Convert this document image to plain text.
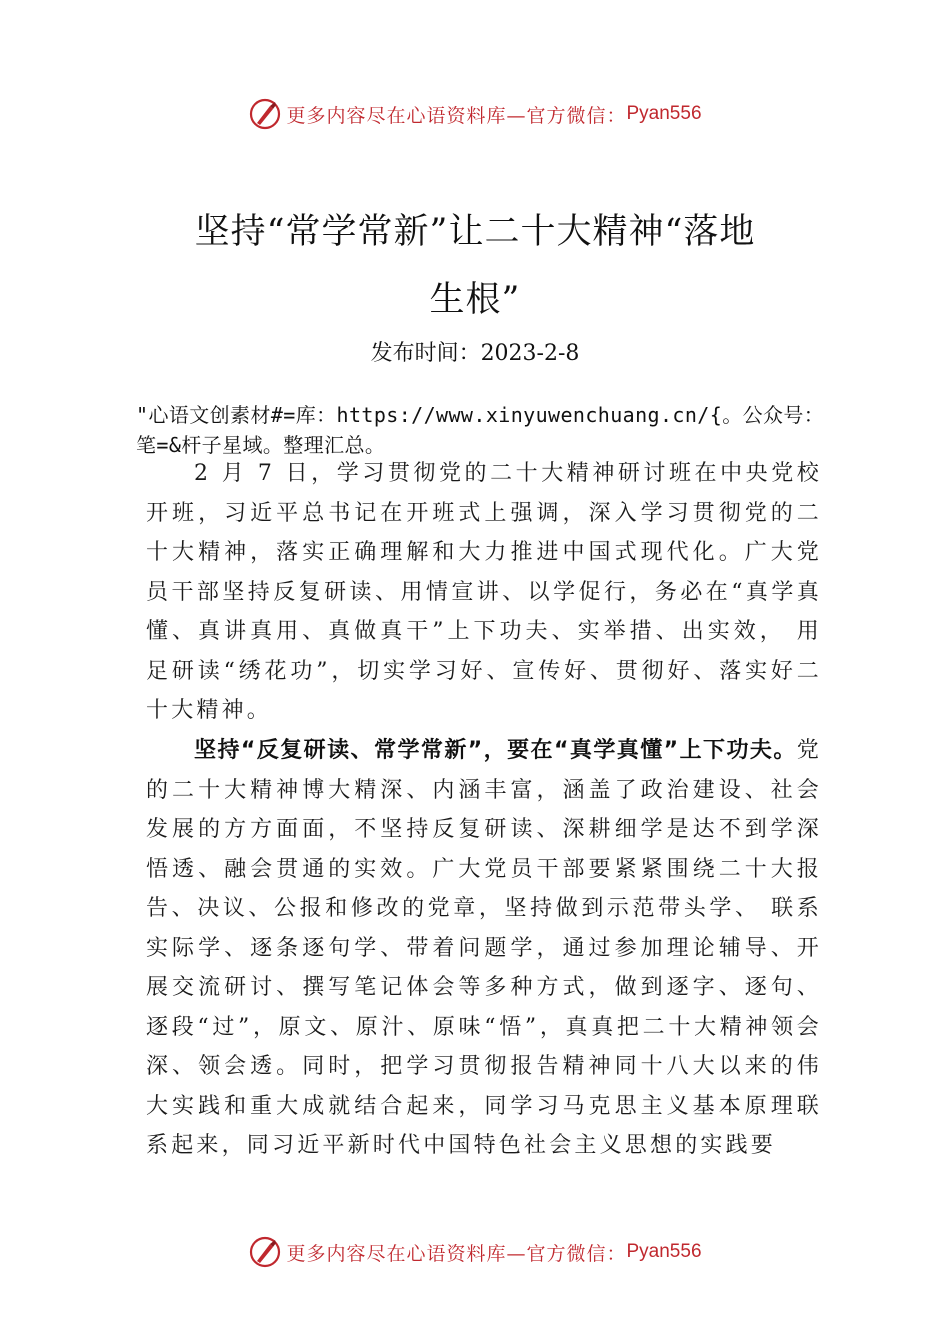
更多内容尽在心语资料库—官方微信： Pyan556
坚持“常学常新”让二十大精神“落地
生根”
发布时间：2023-2-8
"心语文创素材#=库：https://www.xinyuwenchuang.cn/{。公众号：笔=&杆子星域。整理汇总。
2 月 7 日，学习贯彻党的二十大精神研讨班在中央党校开班，习近平总书记在开班式上强调，深入学习贯彻党的二十大精神，落实正确理解和大力推进中国式现代化。广大党员干部坚持反复研读、用情宣讲、以学促行，务必在“真学真懂、真讲真用、真做真干”上下功夫、实举措、出实效， 用足研读“绣花功”，切实学习好、宣传好、贯彻好、落实好二十大精神。
坚持“反复研读、常学常新”，要在“真学真懂”上下功夫。党的二十大精神博大精深、内涵丰富，涵盖了政治建设、社会发展的方方面面，不坚持反复研读、深耕细学是达不到学深悟透、融会贯通的实效。广大党员干部要紧紧围绕二十大报告、决议、公报和修改的党章，坚持做到示范带头学、 联系实际学、逐条逐句学、带着问题学，通过参加理论辅导、开展交流研讨、撰写笔记体会等多种方式，做到逐字、逐句、逐段“过”，原文、原汁、原味“悟”，真真把二十大精神领会深、领会透。同时，把学习贯彻报告精神同十八大以来的伟大实践和重大成就结合起来，同学习马克思主义基本原理联系起来，同习近平新时代中国特色社会主义思想的实践要
更多内容尽在心语资料库—官方微信： Pyan556
